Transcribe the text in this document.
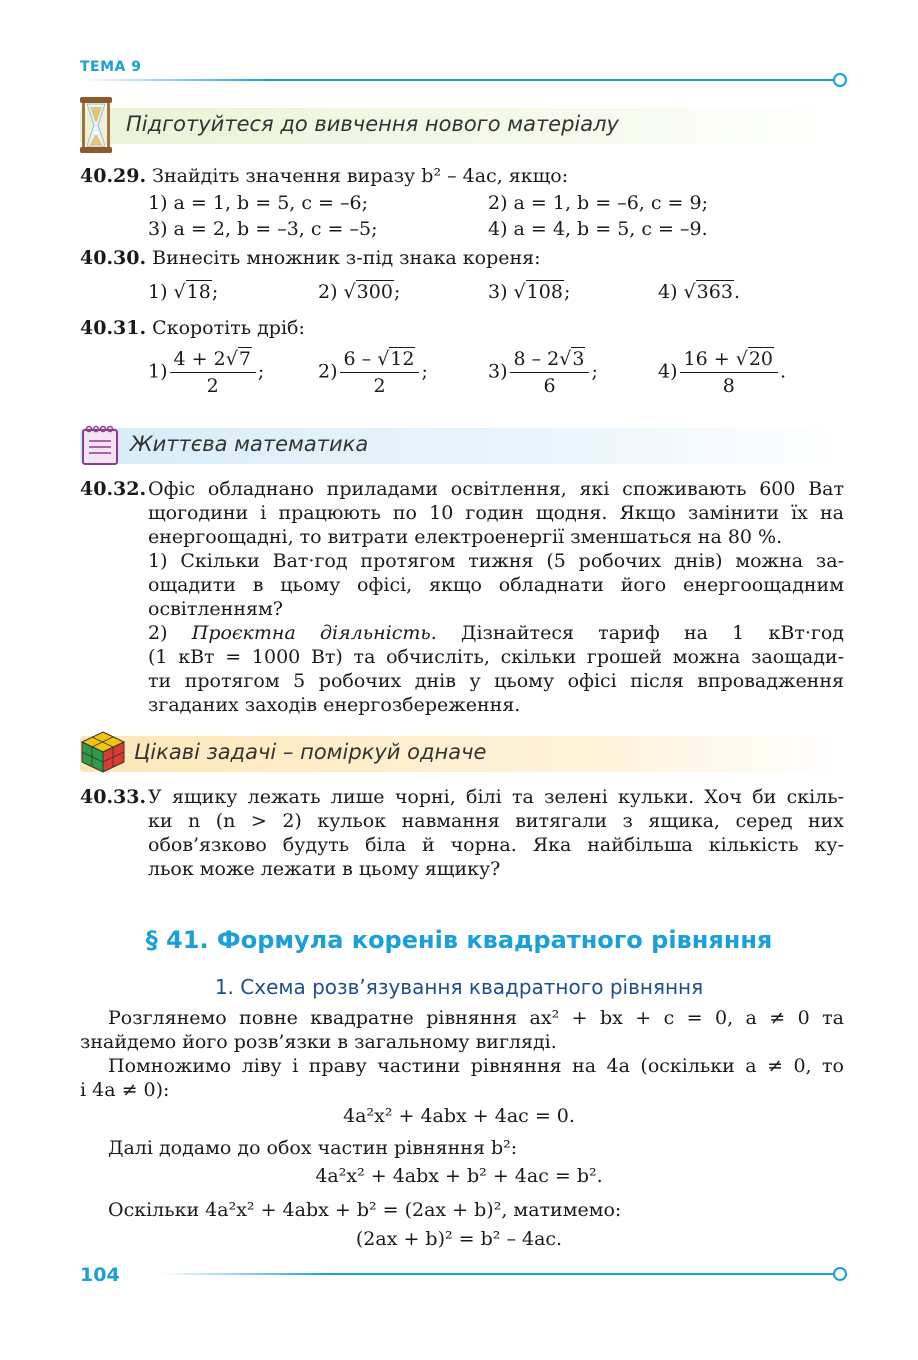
ТЕМА 9
Підготуйтеся до вивчення нового матеріалу
40.29. Знайдіть значення виразу b² – 4ac, якщо:
1) a = 1, b = 5, c = –6;	2) a = 1, b = –6, c = 9;
3) a = 2, b = –3, c = –5;	4) a = 4, b = 5, c = –9.
40.30. Винесіть множник з-під знака кореня:
1) √18;	2) √300;	3) √108;	4) √363.
40.31. Скоротіть дріб:
$1) \frac{4 + 2√7}{2}$ ;	$2) \frac{6 - √12}{2}$ ;	$3) \frac{8 - 2√3}{6}$ ;	$4) \frac{16 + √20}{8}$ .
Життєва математика
40.32. Офіс обладнано приладами освітлення, які споживають 600 Ват
щогодини і працюють по 10 годин щодня. Якщо замінити їх на
енергоощадні, то витрати електроенергії зменшаться на 80 %.
1) Скільки Ват·год протягом тижня (5 робочих днів) можна за-
ощадити в цьому офісі, якщо обладнати його енергоощадним
освітленням?
2) Проєктна діяльність. Дізнайтеся тариф на 1 кВт·год
(1 кВт = 1000 Вт) та обчисліть, скільки грошей можна заощади-
ти протягом 5 робочих днів у цьому офісі після впровадження
згаданих заходів енергозбереження.
Цікаві задачі – поміркуй одначе
40.33. У ящику лежать лише чорні, білі та зелені кульки. Хоч би скіль-
ки n (n > 2) кульок навмання витягали з ящика, серед них
обов’язково будуть біла й чорна. Яка найбільша кількість ку-
льок може лежати в цьому ящику?
§ 41. Формула коренів квадратного рівняння
1. Схема розв’язування квадратного рівняння
Розглянемо повне квадратне рівняння ax² + bx + c = 0, a ≠ 0 та
знайдемо його розв’язки в загальному вигляді.
Помножимо ліву і праву частини рівняння на 4a (оскільки a ≠ 0, то
і 4a ≠ 0):
4a²x² + 4abx + 4ac = 0.
Далі додамо до обох частин рівняння b²:
4a²x² + 4abx + b² + 4ac = b².
Оскільки 4a²x² + 4abx + b² = (2ax + b)², матимемо:
(2ax + b)² = b² – 4ac.
104
